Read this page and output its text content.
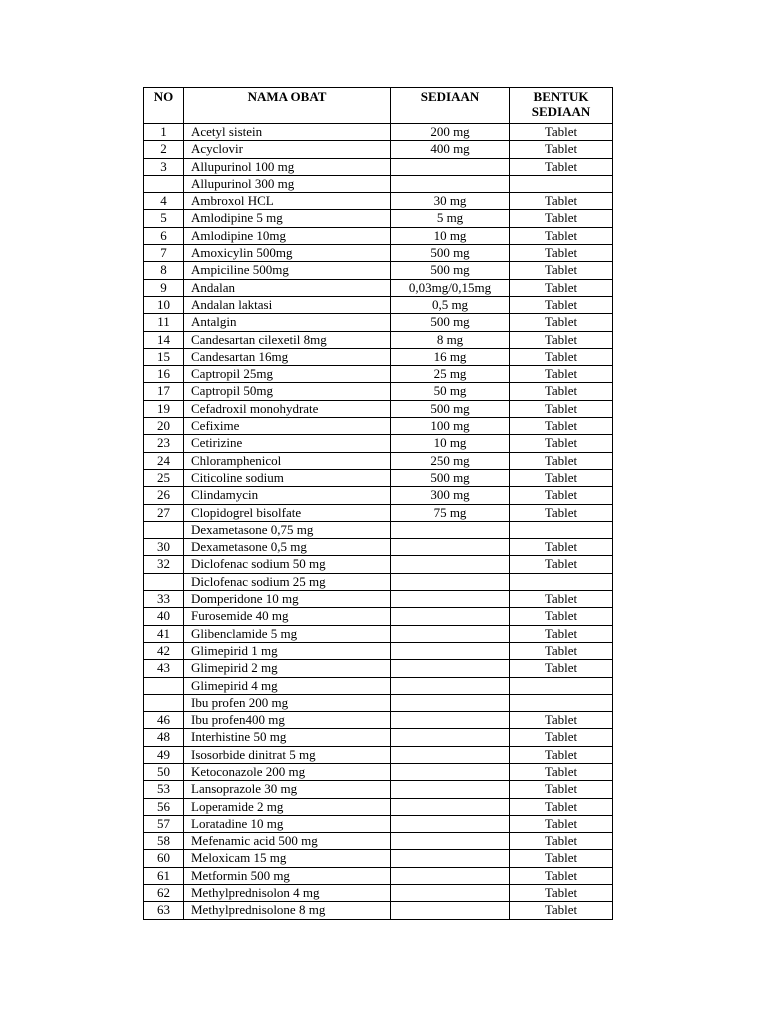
NO	NAMA OBAT	SEDIAAN	BENTUK
SEDIAAN

1	Acetyl sistein	200 mg	Tablet
2	Acyclovir	400 mg	Tablet
3	Allupurinol 100 mg		Tablet
	Allupurinol 300 mg		
4	Ambroxol HCL	30 mg	Tablet
5	Amlodipine 5 mg	5 mg	Tablet
6	Amlodipine 10mg	10 mg	Tablet
7	Amoxicylin 500mg	500 mg	Tablet
8	Ampiciline 500mg	500 mg	Tablet
9	Andalan	0,03mg/0,15mg	Tablet
10	Andalan laktasi	0,5 mg	Tablet
11	Antalgin	500 mg	Tablet
14	Candesartan cilexetil 8mg	8 mg	Tablet
15	Candesartan 16mg	16 mg	Tablet
16	Captropil 25mg	25 mg	Tablet
17	Captropil 50mg	50 mg	Tablet
19	Cefadroxil monohydrate	500 mg	Tablet
20	Cefixime	100 mg	Tablet
23	Cetirizine	10 mg	Tablet
24	Chloramphenicol	250 mg	Tablet
25	Citicoline sodium	500 mg	Tablet
26	Clindamycin	300 mg	Tablet
27	Clopidogrel bisolfate	75 mg	Tablet
	Dexametasone 0,75 mg		
30	Dexametasone 0,5 mg		Tablet
32	Diclofenac sodium 50 mg		Tablet
	Diclofenac sodium 25 mg		
33	Domperidone 10 mg		Tablet
40	Furosemide 40 mg		Tablet
41	Glibenclamide 5 mg		Tablet
42	Glimepirid 1 mg		Tablet
43	Glimepirid 2 mg		Tablet
	Glimepirid 4 mg		
	Ibu profen 200 mg		
46	Ibu profen400 mg		Tablet
48	Interhistine 50 mg		Tablet
49	Isosorbide dinitrat 5 mg		Tablet
50	Ketoconazole 200 mg		Tablet
53	Lansoprazole 30 mg		Tablet
56	Loperamide 2 mg		Tablet
57	Loratadine 10 mg		Tablet
58	Mefenamic acid 500 mg		Tablet
60	Meloxicam 15 mg		Tablet
61	Metformin 500 mg		Tablet
62	Methylprednisolon 4 mg		Tablet
63	Methylprednisolone 8 mg		Tablet
